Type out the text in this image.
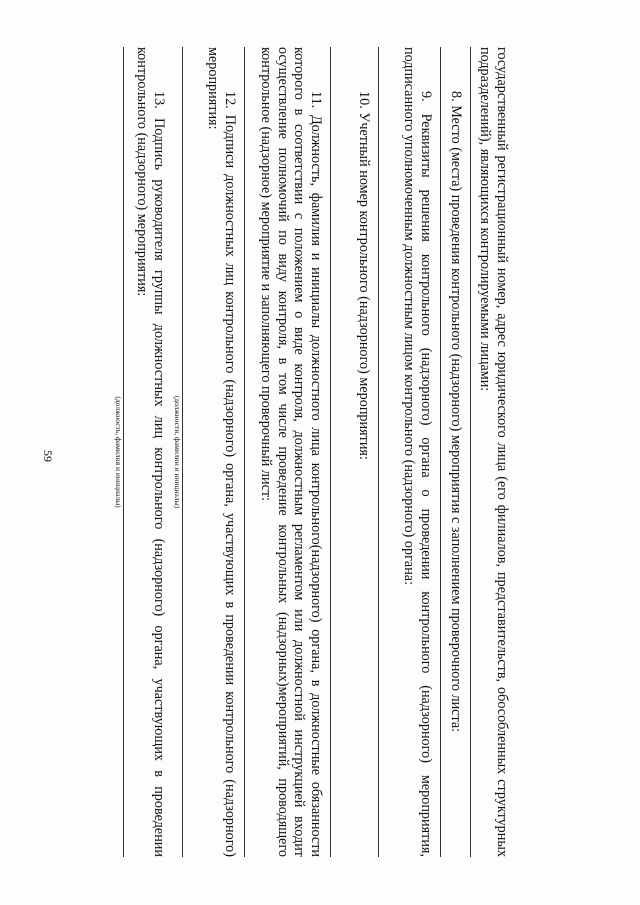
59	государственный регистрационный номер, адрес юридического лица (его филиалов, представительств, обособленных структурных подразделений), являющихся контролируемыми лицами:

8. Место (места) проведения контрольного (надзорного) мероприятия с заполнением проверочного листа:

9. Реквизиты решения контрольного (надзорного) органа о проведении контрольного (надзорного) мероприятия, подписанного уполномоченным должностным лицом контрольного (надзорного) органа:

10. Учетный номер контрольного (надзорного) мероприятия:

11. Должность, фамилия и инициалы должностного лица контрольного(надзорного) органа, в должностные обязанности которого в соответствии с положением о виде контроля, должностным регламентом или должностной инструкцией входит осуществление полномочий по виду контроля, в том числе проведение контрольных (надзорных)мероприятий, проводящего контрольное (надзорное) мероприятие и заполняющего проверочный лист:

12. Подписи должностных лиц контрольного (надзорного) органа, участвующих в проведении контрольного (надзорного) мероприятия:

(должности, фамилии и инициалы)

13. Подпись руководителя группы должностных лиц контрольного (надзорного) органа, участвующих в проведении контрольного (надзорного) мероприятия:

(должность, фамилия и инициалы)
